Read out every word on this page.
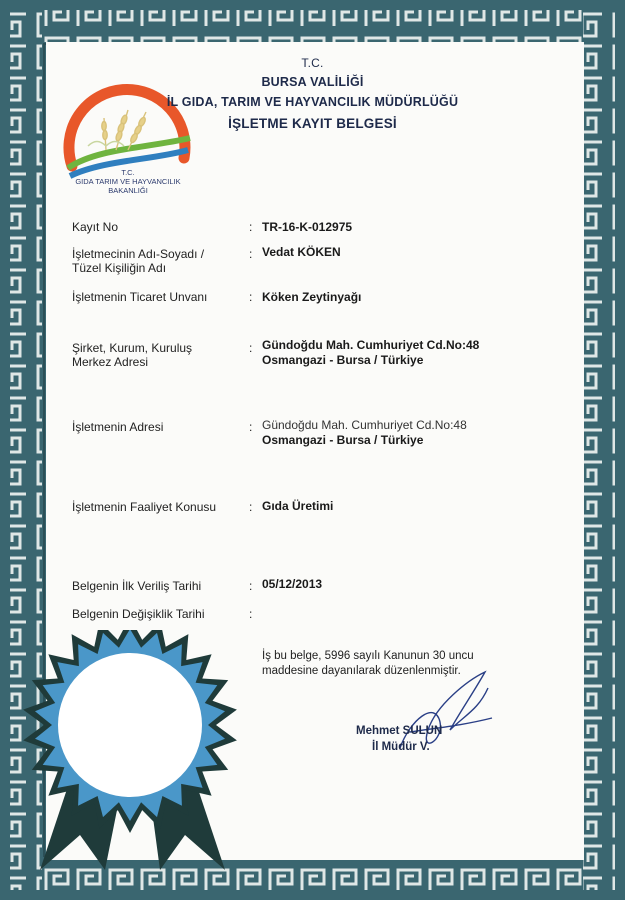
T.C.
GIDA TARIM VE HAYVANCILIK
BAKANLIĞI
T.C.
BURSA VALİLİĞİ
İL GIDA, TARIM VE HAYVANCILIK MÜDÜRLÜĞÜ
İŞLETME KAYIT BELGESİ
Kayıt No	: TR-16-K-012975
İşletmecinin Adı-Soyadı /
Tüzel Kişiliğin Adı
: Vedat KÖKEN
İşletmenin Ticaret Unvanı	: Köken Zeytinyağı
Şirket, Kurum, Kuruluş
Merkez Adresi
: Gündoğdu Mah. Cumhuriyet Cd.No:48
Osmangazi - Bursa / Türkiye
İşletmenin Adresi	: Gündoğdu Mah. Cumhuriyet Cd.No:48
Osmangazi - Bursa / Türkiye
İşletmenin Faaliyet Konusu	: Gıda Üretimi
Belgenin İlk Veriliş Tarihi	: 05/12/2013
Belgenin Değişiklik Tarihi	:
İş bu belge, 5996 sayılı Kanunun 30 uncu maddesine dayanılarak düzenlenmiştir.
Mehmet SULUN
İl Müdür V.
